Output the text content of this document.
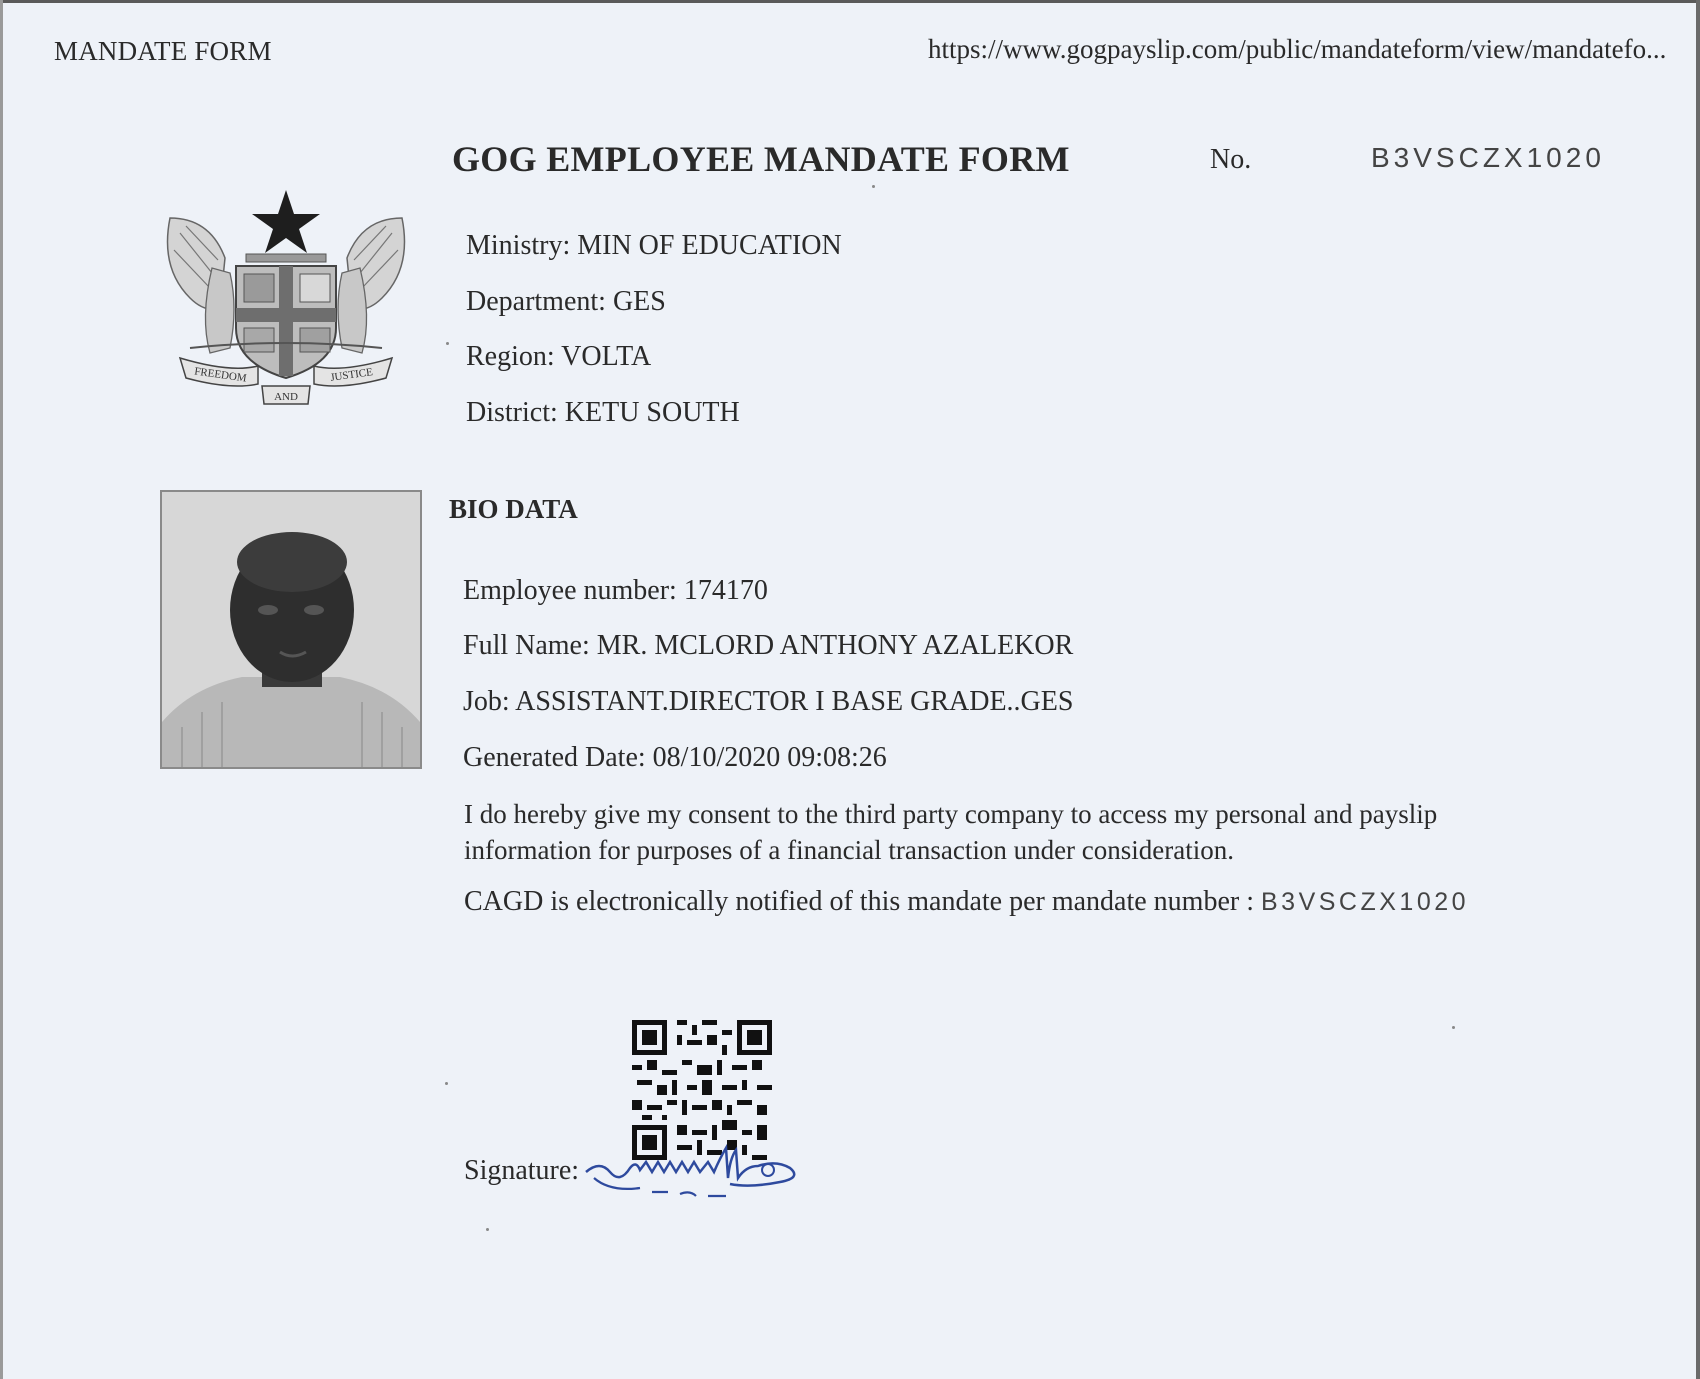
MANDATE FORM	https://www.gogpayslip.com/public/mandateform/view/mandatefo...
GOG EMPLOYEE MANDATE FORM	No.	B3VSCZX1020
FREEDOM
AND
JUSTICE
Ministry: MIN OF EDUCATION
Department: GES
Region: VOLTA
District: KETU SOUTH
BIO DATA
Employee number: 174170
Full Name: MR. MCLORD ANTHONY AZALEKOR
Job: ASSISTANT.DIRECTOR I BASE GRADE..GES
Generated Date: 08/10/2020 09:08:26
I do hereby give my consent to the third party company to access my personal and payslip information for purposes of a financial transaction under consideration.
CAGD is electronically notified of this mandate per mandate number : B3VSCZX1020
Signature:
